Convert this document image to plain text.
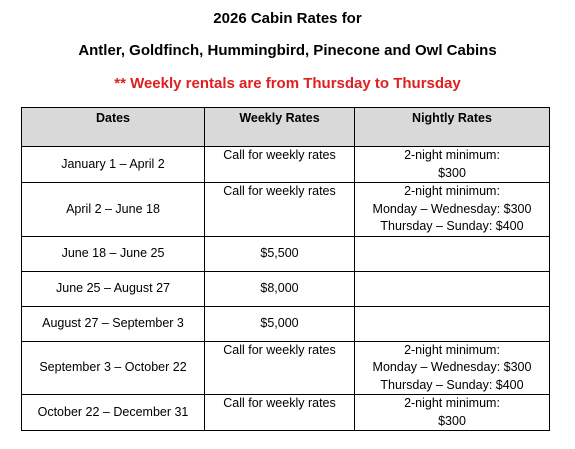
2026 Cabin Rates for
Antler, Goldfinch, Hummingbird, Pinecone and Owl Cabins
** Weekly rentals are from Thursday to Thursday
Dates	Weekly Rates	Nightly Rates
January 1 – April 2	Call for weekly rates	2-night minimum:
$300

April 2 – June 18	Call for weekly rates	2-night minimum:
Monday – Wednesday: $300
Thursday – Sunday: $400

June 18 – June 25	$5,500	
June 25 – August 27	$8,000	
August 27 – September 3	$5,000	
September 3 – October 22	Call for weekly rates	2-night minimum:
Monday – Wednesday: $300
Thursday – Sunday: $400

October 22 – December 31	Call for weekly rates	2-night minimum:
$300
